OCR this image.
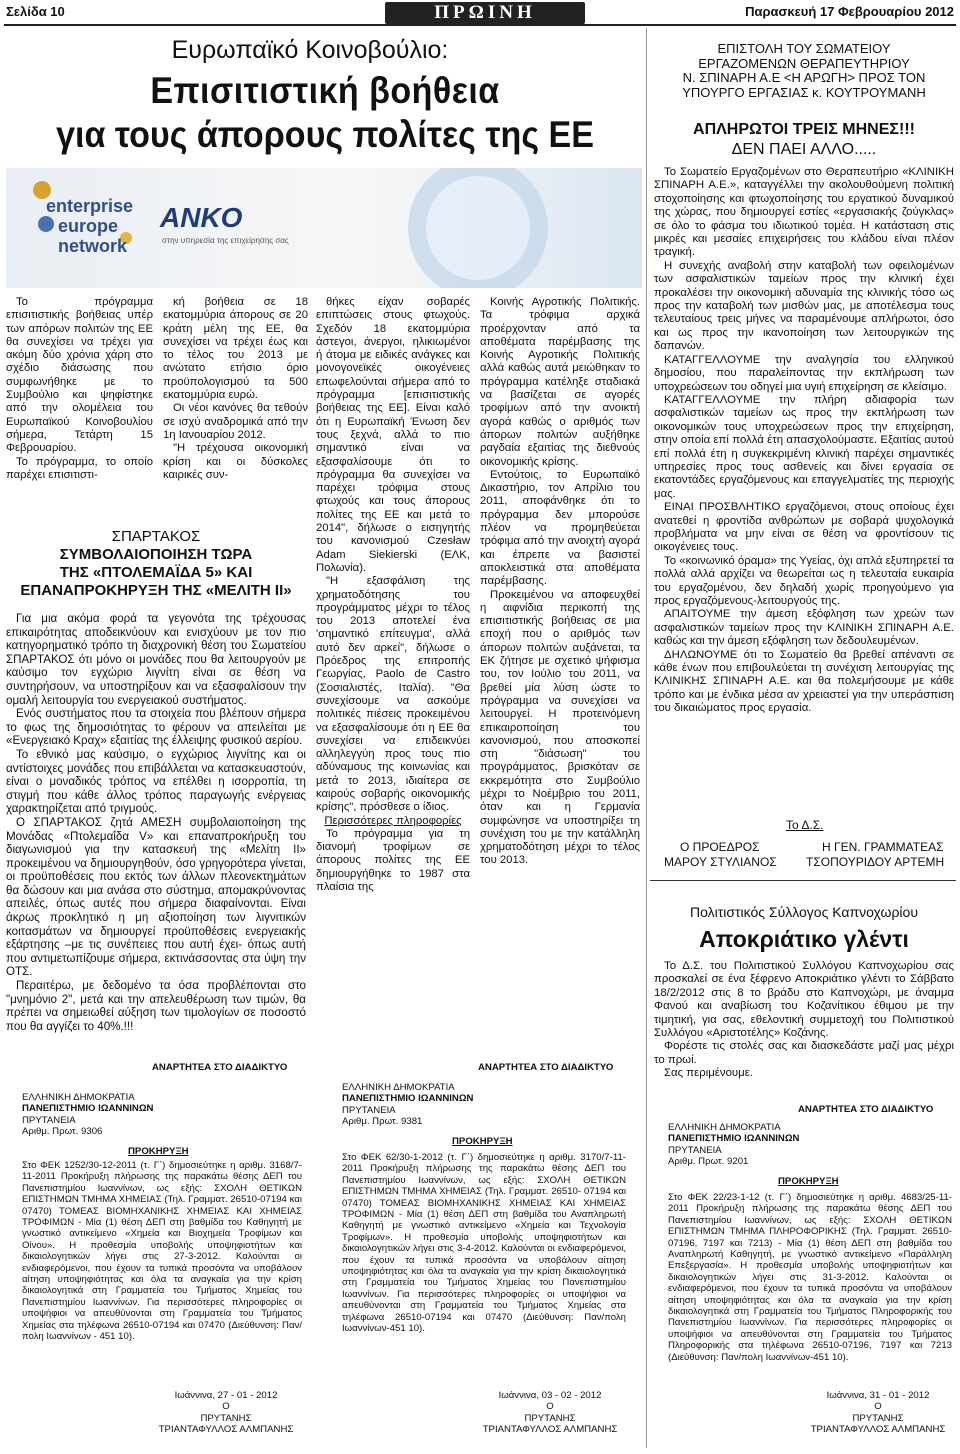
Σελίδα 10	ΠΡΩΙΝΗ	Παρασκευή 17 Φεβρουαρίου 2012
Ευρωπαϊκό Κοινοβούλιο:
Επισιτιστική βοήθεια
για τους άπορους πολίτες της ΕΕ
enterprise
europe
network
ANKO
στην υπηρεσία της επιχείρησης σας

Το πρόγραμμα επισιτιστικής βοήθειας υπέρ των απόρων πολιτών της ΕΕ θα συνεχίσει να τρέχει για ακόμη δύο χρόνια χάρη στο σχέδιο διάσωσης που συμφωνήθηκε με το Συμβούλιο και ψηφίστηκε από την ολομέλεια του Ευρωπαϊκού Κοινοβουλίου σήμερα, Τετάρτη 15 Φεβρουαρίου.

Το πρόγραμμα, το οποίο παρέχει επισιτιστι-

κή βοήθεια σε 18 εκατομμύρια άπορους σε 20 κράτη μέλη της ΕΕ, θα συνεχίσει να τρέχει έως και το τέλος του 2013 με ανώτατο ετήσιο όριο προϋπολογισμού τα 500 εκατομμύρια ευρώ.

Οι νέοι κανόνες θα τεθούν σε ισχύ αναδρομικά από την 1η Ιανουαρίου 2012.

"Η τρέχουσα οικονομική κρίση και οι δύσκολες καιρικές συν-

θήκες είχαν σοβαρές επιπτώσεις στους φτωχούς. Σχεδόν 18 εκατομμύρια άστεγοι, άνεργοι, ηλικιωμένοι ή άτομα με ειδικές ανάγκες και μονογονεϊκές οικογένειες επωφελούνται σήμερα από το πρόγραμμα [επισιτιστικής βοήθειας της ΕΕ]. Είναι καλό ότι η Ευρωπαϊκή Ένωση δεν τους ξεχνά, αλλά το πιο σημαντικό είναι να εξασφαλίσουμε ότι το πρόγραμμα θα συνεχίσει να παρέχει τρόφιμα στους φτωχούς και τους άπορους πολίτες της ΕΕ και μετά το 2014", δήλωσε ο εισηγητής του κανονισμού Czesław Adam Siekierski (ΕΛΚ, Πολωνία).

"Η εξασφάλιση της χρηματοδότησης του προγράμματος μέχρι το τέλος του 2013 αποτελεί ένα 'σημαντικό επίτευγμα', αλλά αυτό δεν αρκεί", δήλωσε ο Πρόεδρος της επιτροπής Γεωργίας, Paolo de Castro (Σοσιαλιστές, Ιταλία). "Θα συνεχίσουμε να ασκούμε πολιτικές πιέσεις προκειμένου να εξασφαλίσουμε ότι η ΕΕ θα συνεχίσει να επιδεικνύει αλληλεγγύη προς τους πιο αδύναμους της κοινωνίας και μετά το 2013, ιδιαίτερα σε καιρούς σοβαρής οικονομικής κρίσης", πρόσθεσε ο ίδιος.

Περισσότερες πληροφορίες

Το πρόγραμμα για τη διανομή τροφίμων σε άπορους πολίτες της ΕΕ δημιουργήθηκε το 1987 στα πλαίσια της

Κοινής Αγροτικής Πολιτικής. Τα τρόφιμα αρχικά προέρχονταν από τα αποθέματα παρέμβασης της Κοινής Αγροτικής Πολιτικής αλλά καθώς αυτά μειώθηκαν το πρόγραμμα κατέληξε σταδιακά να βασίζεται σε αγορές τροφίμων από την ανοικτή αγορά καθώς ο αριθμός των άπορων πολιτών αυξήθηκε ραγδαία εξαιτίας της διεθνούς οικονομικής κρίσης.

Εντούτοις, το Ευρωπαϊκό Δικαστήριο, τον Απρίλιο του 2011, αποφάνθηκε ότι το πρόγραμμα δεν μπορούσε πλέον να προμηθεύεται τρόφιμα από την ανοιχτή αγορά και έπρεπε να βασιστεί αποκλειστικά στα αποθέματα παρέμβασης.

Προκειμένου να αποφευχθεί η αιφνίδια περικοπή της επισιτιστικής βοήθειας σε μια εποχή που ο αριθμός των άπορων πολιτών αυξάνεται, τα ΕΚ ζήτησε με σχετικό ψήφισμα του, τον Ιούλιο του 2011, να βρεθεί μία λύση ώστε το πρόγραμμα να συνεχίσει να λειτουργεί. Η προτεινόμενη επικαιροποίηση του κανονισμού, που αποσκοπεί στη "διάσωση" του προγράμματος, βρισκόταν σε εκκρεμότητα στο Συμβούλιο μέχρι το Νοέμβριο του 2011, όταν και η Γερμανία συμφώνησε να υποστηρίξει τη συνέχιση του με την κατάλληλη χρηματοδότηση μέχρι το τέλος του 2013.

ΣΠΑΡΤΑΚΟΣ
ΣΥΜΒΟΛΑΙΟΠΟΙΗΣΗ ΤΩΡΑ
ΤΗΣ «ΠΤΟΛΕΜΑΪΔΑ 5» ΚΑΙ
ΕΠΑΝΑΠΡΟΚΗΡΥΞΗ ΤΗΣ «ΜΕΛΙΤΗ ΙΙ»

Για μια ακόμα φορά τα γεγονότα της τρέχουσας επικαιρότητας αποδεικνύουν και ενισχύουν με τον πιο κατηγορηματικό τρόπο τη διαχρονική θέση του Σωματείου ΣΠΑΡΤΑΚΟΣ ότι μόνο οι μονάδες που θα λειτουργούν με καύσιμο τον εγχώριο λιγνίτη είναι σε θέση να συντηρήσουν, να υποστηρίξουν και να εξασφαλίσουν την ομαλή λειτουργία του ενεργειακού συστήματος.

Ενός συστήματος που τα στοιχεία που βλέπουν σήμερα το φως της δημοσιότητας το φέρουν να απειλείται με «Ενεργειακό Κραχ» εξαιτίας της έλλειψης φυσικού αερίου.

Το εθνικό μας καύσιμο, ο εγχώριος λιγνίτης και οι αντίστοιχες μονάδες που επιβάλλεται να κατασκευαστούν, είναι ο μοναδικός τρόπος να επέλθει η ισορροπία, τη στιγμή που κάθε άλλος τρόπος παραγωγής ενέργειας χαρακτηρίζεται από τριγμούς.

Ο ΣΠΑΡΤΑΚΟΣ ζητά ΑΜΕΣΗ συμβολαιοποίηση της Μονάδας «Πτολεμαΐδα V» και επαναπροκήρυξη του διαγωνισμού για την κατασκευή της «Μελίτη ΙΙ» προκειμένου να δημιουργηθούν, όσο γρηγορότερα γίνεται, οι προϋποθέσεις που εκτός των άλλων πλεονεκτημάτων θα δώσουν και μια ανάσα στο σύστημα, απομακρύνοντας απειλές, όπως αυτές που σήμερα διαφαίνονται. Είναι άκρως προκλητικό η μη αξιοποίηση των λιγνιτικών κοιτασμάτων να δημιουργεί προϋποθέσεις ενεργειακής εξάρτησης –με τις συνέπειες που αυτή έχει- όπως αυτή που αντιμετωπίζουμε σήμερα, εκτινάσσοντας στα ύψη την ΟΤΣ.

Περαιτέρω, με δεδομένο τα όσα προβλέπονται στο "μνημόνιο 2", μετά και την απελευθέρωση των τιμών, θα πρέπει να σημειωθεί αύξηση των τιμολογίων σε ποσοστό που θα αγγίζει το 40%.!!!

ΑΝΑΡΤΗΤΕΑ ΣΤΟ ΔΙΑΔΙΚΤΥΟ
ΕΛΛΗΝΙΚΗ ΔΗΜΟΚΡΑΤΙΑ
ΠΑΝΕΠΙΣΤΗΜΙΟ ΙΩΑΝΝΙΝΩΝ
ΠΡΥΤΑΝΕΙΑ
Αριθμ. Πρωτ. 9306
ΠΡΟΚΗΡΥΞΗ

Στο ΦΕΚ 1252/30-12-2011 (τ. Γ΄) δημοσιεύτηκε η αριθμ. 3168/7-11-2011 Προκήρυξη πλήρωσης της παρακάτω θέσης ΔΕΠ του Πανεπιστημίου Ιωαννίνων, ως εξής: ΣΧΟΛΗ ΘΕΤΙΚΩΝ ΕΠΙΣΤΗΜΩΝ ΤΜΗΜΑ ΧΗΜΕΙΑΣ (Τηλ. Γραμματ. 26510-07194 και 07470) ΤΟΜΕΑΣ ΒΙΟΜΗΧΑΝΙΚΗΣ ΧΗΜΕΙΑΣ ΚΑΙ ΧΗΜΕΙΑΣ ΤΡΟΦΙΜΩΝ - Μία (1) θέση ΔΕΠ στη βαθμίδα του Καθηγητή με γνωστικό αντικείμενο «Χημεία και Βιοχημεία Τροφίμων και Οίνου». Η προθεσμία υποβολής υποψηφιοτήτων και δικαιολογητικών λήγει στις 27-3-2012. Καλούνται οι ενδιαφερόμενοι, που έχουν τα τυπικά προσόντα να υποβάλουν αίτηση υποψηφιότητας και όλα τα αναγκαία για την κρίση δικαιολογητικά στη Γραμματεία του Τμήματος Χημείας του Πανεπιστημίου Ιωαννίνων. Για περισσότερες πληροφορίες οι υποψήφιοι να απευθύνονται στη Γραμματεία του Τμήματος Χημείας στα τηλέφωνα 26510-07194 και 07470 (Διεύθυνση: Παν/πολη Ιωαννίνων - 451 10).

Ιωάννινα, 27 - 01 - 2012
Ο
ΠΡΥΤΑΝΗΣ
ΤΡΙΑΝΤΑΦΥΛΛΟΣ ΑΛΜΠΑΝΗΣ
ΑΝΑΡΤΗΤΕΑ ΣΤΟ ΔΙΑΔΙΚΤΥΟ
ΕΛΛΗΝΙΚΗ ΔΗΜΟΚΡΑΤΙΑ
ΠΑΝΕΠΙΣΤΗΜΙΟ ΙΩΑΝΝΙΝΩΝ
ΠΡΥΤΑΝΕΙΑ
Αριθμ. Πρωτ. 9381
ΠΡΟΚΗΡΥΞΗ

Στο ΦΕΚ 62/30-1-2012 (τ. Γ΄) δημοσιεύτηκε η αριθμ. 3170/7-11-2011 Προκήρυξη πλήρωσης της παρακάτω θέσης ΔΕΠ του Πανεπιστημίου Ιωαννίνων, ως εξής: ΣΧΟΛΗ ΘΕΤΙΚΩΝ ΕΠΙΣΤΗΜΩΝ ΤΜΗΜΑ ΧΗΜΕΙΑΣ (Τηλ. Γραμματ. 26510- 07194 και 07470) ΤΟΜΕΑΣ ΒΙΟΜΗΧΑΝΙΚΗΣ ΧΗΜΕΙΑΣ ΚΑΙ ΧΗΜΕΙΑΣ ΤΡΟΦΙΜΩΝ - Μία (1) θέση ΔΕΠ στη βαθμίδα του Αναπληρωτή Καθηγητή με γνωστικό αντικείμενο «Χημεία και Τεχνολογία Τροφίμων». Η προθεσμία υποβολής υποψηφιοτήτων και δικαιολογητικών λήγει στις 3-4-2012. Καλούνται οι ενδιαφερόμενοι, που έχουν τα τυπικά προσόντα να υποβάλουν αίτηση υποψηφιότητας και όλα τα αναγκαία για την κρίση δικαιολογητικά στη Γραμματεία του Τμήματος Χημείας του Πανεπιστημίου Ιωαννίνων. Για περισσότερες πληροφορίες οι υποψήφιοι να απευθύνονται στη Γραμματεία του Τμήματος Χημείας στα τηλέφωνα 26510-07194 και 07470 (Διεύθυνση: Παν/πολη Ιωαννίνων-451 10).

Ιωάννινα, 03 - 02 - 2012
Ο
ΠΡΥΤΑΝΗΣ
ΤΡΙΑΝΤΑΦΥΛΛΟΣ ΑΛΜΠΑΝΗΣ
ΕΠΙΣΤΟΛΗ ΤΟΥ ΣΩΜΑΤΕΙΟΥ
ΕΡΓΑΖΟΜΕΝΩΝ ΘΕΡΑΠΕΥΤΗΡΙΟΥ
Ν. ΣΠΙΝΑΡΗ Α.Ε <Η ΑΡΩΓΗ> ΠΡΟΣ ΤΟΝ
ΥΠΟΥΡΓΟ ΕΡΓΑΣΙΑΣ κ. ΚΟΥΤΡΟΥΜΑΝΗ
ΑΠΛΗΡΩΤΟΙ ΤΡΕΙΣ ΜΗΝΕΣ!!!
ΔΕΝ ΠΑΕΙ ΑΛΛΟ.....

Το Σωματείο Εργαζομένων στο Θεραπευτήριο «ΚΛΙΝΙΚΗ ΣΠΙΝΑΡΗ Α.Ε.», καταγγέλλει την ακολουθούμενη πολιτική στοχοποίησης και φτωχοποίησης του εργατικού δυναμικού της χώρας, που δημιουργεί εστίες «εργασιακής ζούγκλας» σε όλο το φάσμα του ιδιωτικού τομέα. Η κατάσταση στις μικρές και μεσαίες επιχειρήσεις του κλάδου είναι πλέον τραγική.

Η συνεχής αναβολή στην καταβολή των οφειλομένων των ασφαλιστικών ταμείων προς την κλινική έχει προκαλέσει την οικονομική αδυναμία της κλινικής τόσο ως προς την καταβολή των μισθών μας, με αποτέλεσμα τους τελευταίους τρεις μήνες να παραμένουμε απλήρωτοι, όσο και ως προς την ικανοποίηση των λειτουργικών της δαπανών.

ΚΑΤΑΓΓΕΛΛΟΥΜΕ την αναλγησία του ελληνικού δημοσίου, που παραλείποντας την εκπλήρωση των υποχρεώσεων του οδηγεί μια υγιή επιχείρηση σε κλείσιμο.

ΚΑΤΑΓΓΕΛΛΟΥΜΕ την πλήρη αδιαφορία των ασφαλιστικών ταμείων ως προς την εκπλήρωση των οικονομικών τους υποχρεώσεων προς την επιχείρηση, στην οποία επί πολλά έτη απασχολούμαστε. Εξαιτίας αυτού επί πολλά έτη η συγκεκριμένη κλινική παρέχει σημαντικές υπηρεσίες προς τους ασθενείς και δίνει εργασία σε εκατοντάδες εργαζόμενους και επαγγελματίες της περιοχής μας.

ΕΙΝΑΙ ΠΡΟΣΒΛΗΤΙΚΟ εργαζόμενοι, στους οποίους έχει ανατεθεί η φροντίδα ανθρώπων με σοβαρά ψυχολογικά προβλήματα να μην είναι σε θέση να φροντίσουν τις οικογένειες τους.

Το «κοινωνικό όραμα» της Υγείας, όχι απλά εξυπηρετεί τα πολλά αλλά αρχίζει να θεωρείται ως η τελευταία ευκαιρία του εργαζομένου, δεν δηλαδή χωρίς προηγούμενο για προς εργαζόμενους-λειτουργούς της.

ΑΠΑΙΤΟΥΜΕ την άμεση εξόφληση των χρεών των ασφαλιστικών ταμείων προς την ΚΛΙΝΙΚΗ ΣΠΙΝΑΡΗ Α.Ε. καθώς και την άμεση εξόφληση των δεδουλευμένων.

ΔΗΛΩΝΟΥΜΕ ότι το Σωματείο θα βρεθεί απέναντι σε κάθε ένων που επιβουλεύεται τη συνέχιση λειτουργίας της ΚΛΙΝΙΚΗΣ ΣΠΙΝΑΡΗ Α.Ε. και θα πολεμήσουμε με κάθε τρόπο και με ένδικα μέσα αν χρειαστεί για την υπεράσπιση του δικαιώματος προς εργασία.

Το Δ.Σ.
Ο ΠΡΟΕΔΡΟΣ	Η ΓΕΝ. ΓΡΑΜΜΑΤΕΑΣ
ΜΑΡΟΥ ΣΤΥΛΙΑΝΟΣ ΤΣΟΠΟΥΡΙΔΟΥ ΑΡΤΕΜΗ
Πολιτιστικός Σύλλογος Καπνοχωρίου
Αποκριάτικο γλέντι

Το Δ.Σ. του Πολιτιστικού Συλλόγου Καπνοχωρίου σας προσκαλεί σε ένα ξέφρενο Αποκριάτικο γλέντι το Σάββατο 18/2/2012 στις 8 το βράδυ στο Καπνοχώρι, με άναμμα Φανού και αναβίωση του Κοζανίτικου έθιμου με την τιμητική, για σας, εθελοντική συμμετοχή του Πολιτιστικού Συλλόγου «Αριστοτέλης» Κοζάνης.

Φορέστε τις στολές σας και διασκεδάστε μαζί μας μέχρι το πρωί.

Σας περιμένουμε.

ΑΝΑΡΤΗΤΕΑ ΣΤΟ ΔΙΑΔΙΚΤΥΟ
ΕΛΛΗΝΙΚΗ ΔΗΜΟΚΡΑΤΙΑ
ΠΑΝΕΠΙΣΤΗΜΙΟ ΙΩΑΝΝΙΝΩΝ
ΠΡΥΤΑΝΕΙΑ
Αριθμ. Πρωτ. 9201
ΠΡΟΚΗΡΥΞΗ

Στο ΦΕΚ 22/23-1-12 (τ. Γ΄) δημοσιεύτηκε η αριθμ. 4683/25-11-2011 Προκήρυξη πλήρωσης της παρακάτω θέσης ΔΕΠ του Πανεπιστημίου Ιωαννίνων, ως εξής: ΣΧΟΛΗ ΘΕΤΙΚΩΝ ΕΠΙΣΤΗΜΩΝ ΤΜΗΜΑ ΠΛΗΡΟΦΟΡΙΚΗΣ (Τηλ. Γραμματ. 26510-07196, 7197 και 7213) - Μία (1) θέση ΔΕΠ στη βαθμίδα του Αναπληρωτή Καθηγητή, με γνωστικό αντικείμενο «Παράλληλη Επεξεργασία». Η προθεσμία υποβολής υποψηφιοτήτων και δικαιολογητικών λήγει στις 31-3-2012. Καλούνται οι ενδιαφερόμενοι, που έχουν τα τυπικά προσόντα να υποβάλουν αίτηση υποψηφιότητας και όλα τα αναγκαία για την κρίση δικαιολογητικά στη Γραμματεία του Τμήματος Πληροφορικής του Πανεπιστημίου Ιωαννίνων. Για περισσότερες πληροφορίες οι υποψήφιοι να απευθύνονται στη Γραμματεία του Τμήματος Πληροφορικής στα τηλέφωνα 26510-07196, 7197 και 7213 (Διεύθυνση: Παν/πολη Ιωαννίνων-451 10).

Ιωάννινα, 31 - 01 - 2012
Ο
ΠΡΥΤΑΝΗΣ
ΤΡΙΑΝΤΑΦΥΛΛΟΣ ΑΛΜΠΑΝΗΣ
